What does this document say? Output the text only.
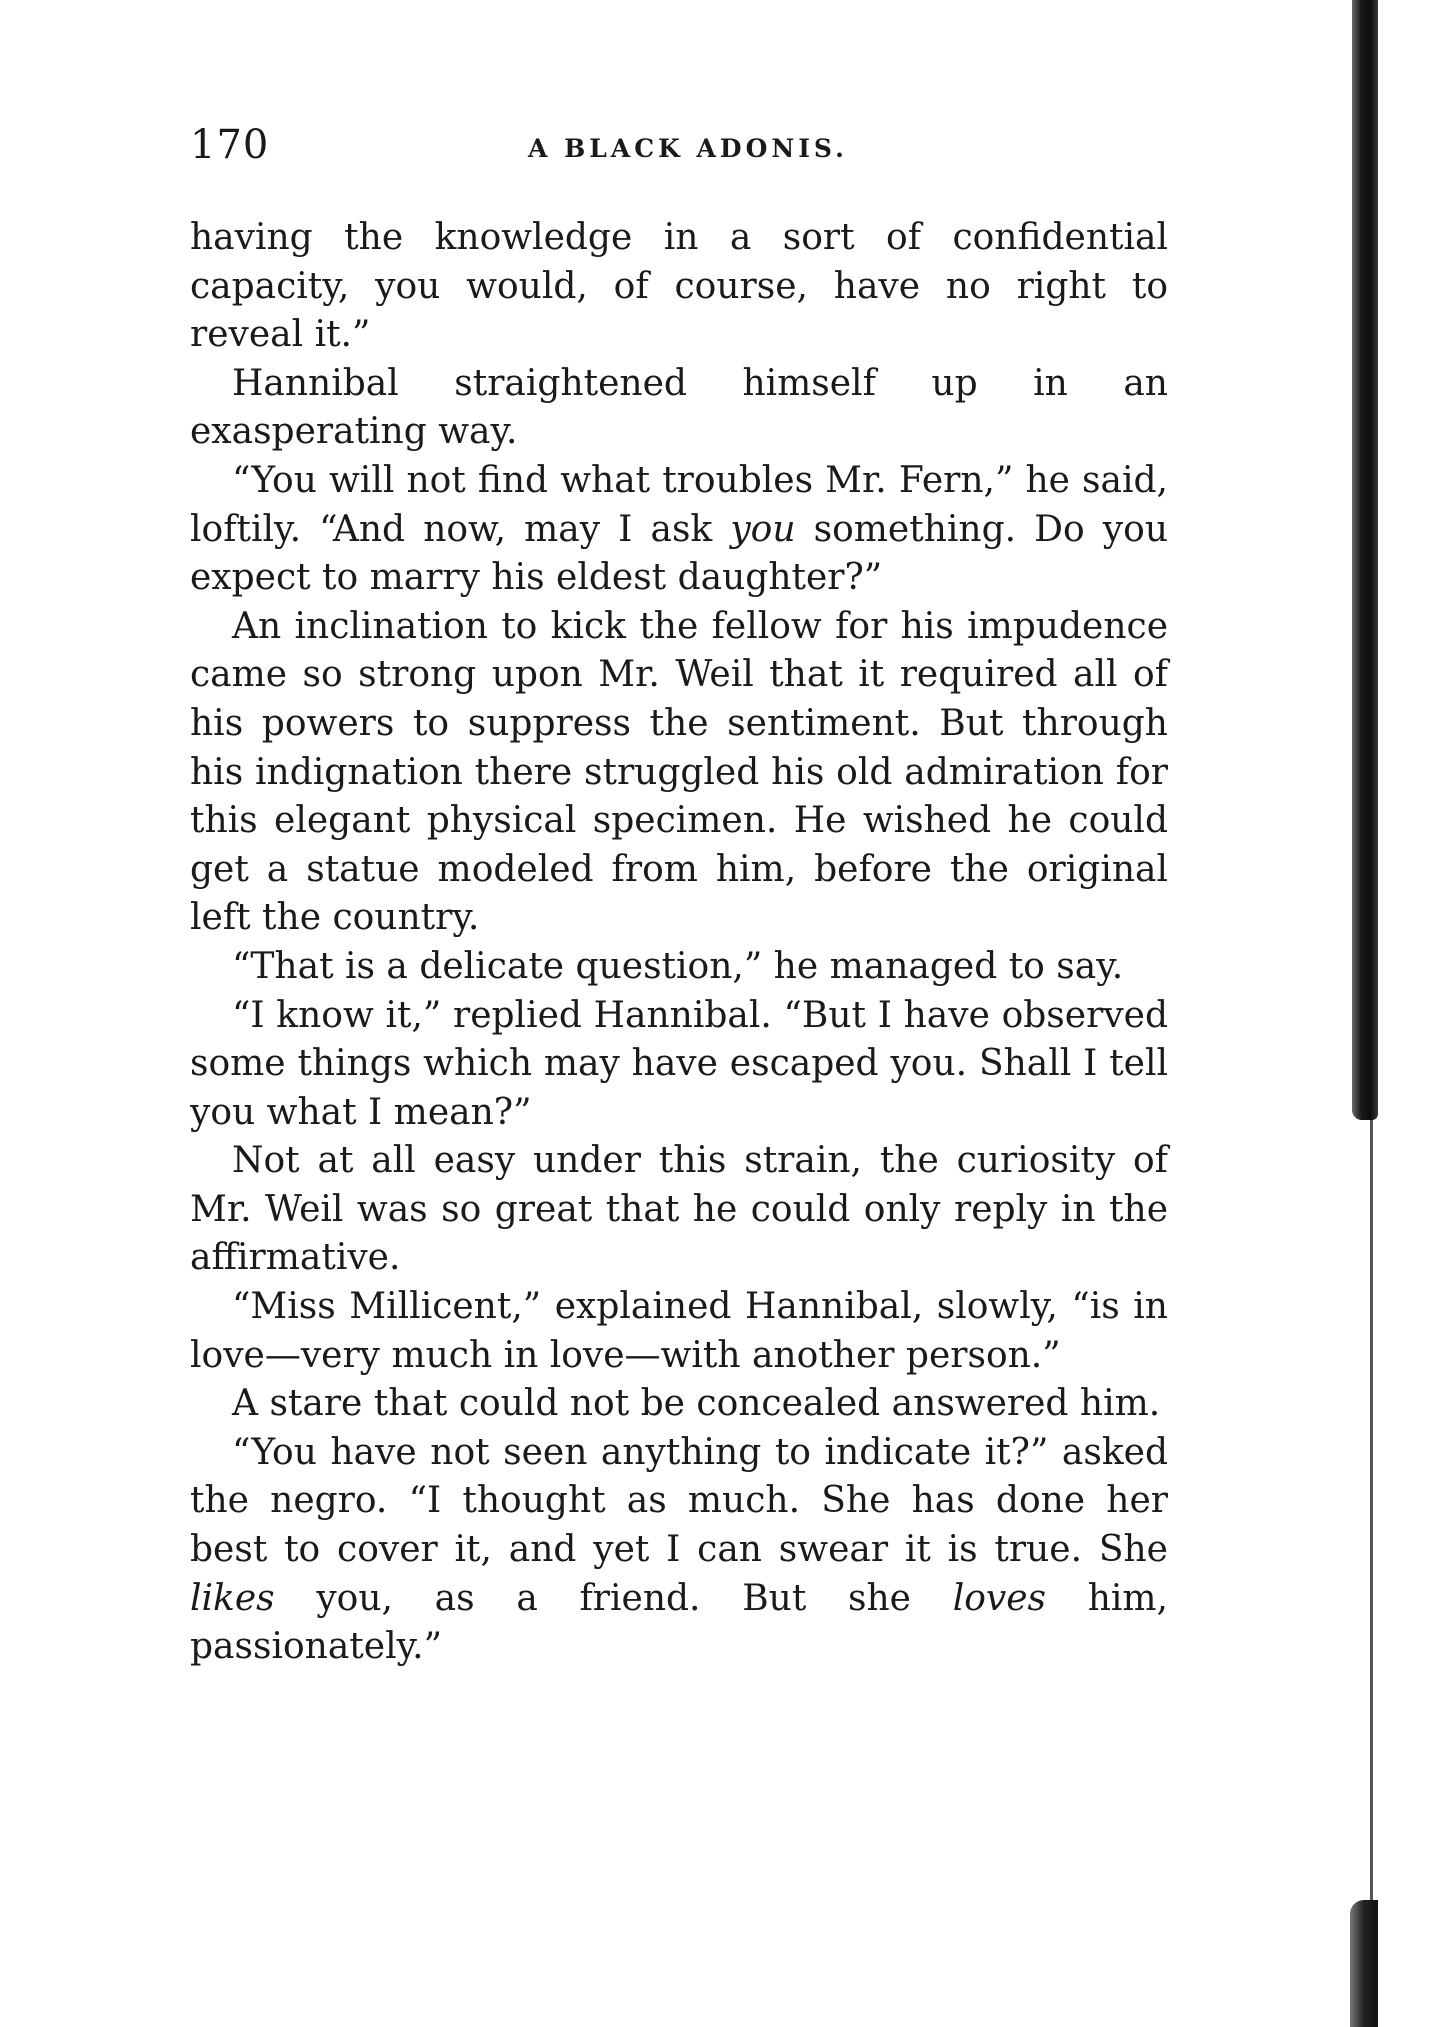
170	A BLACK ADONIS.

having the knowledge in a sort of confidential capacity, you would, of course, have no right to reveal it.”

Hannibal straightened himself up in an exasperating way.

“You will not find what troubles Mr. Fern,” he said, loftily. “And now, may I ask you something. Do you expect to marry his eldest daughter?”

An inclination to kick the fellow for his impudence came so strong upon Mr. Weil that it required all of his powers to suppress the sentiment. But through his indignation there struggled his old admiration for this elegant physical specimen. He wished he could get a statue modeled from him, before the original left the country.

“That is a delicate question,” he managed to say.

“I know it,” replied Hannibal. “But I have observed some things which may have escaped you. Shall I tell you what I mean?”

Not at all easy under this strain, the curiosity of Mr. Weil was so great that he could only reply in the affirmative.

“Miss Millicent,” explained Hannibal, slowly, “is in love—very much in love—with another person.”

A stare that could not be concealed answered him.

“You have not seen anything to indicate it?” asked the negro. “I thought as much. She has done her best to cover it, and yet I can swear it is true. She likes you, as a friend. But she loves him, passionately.”
